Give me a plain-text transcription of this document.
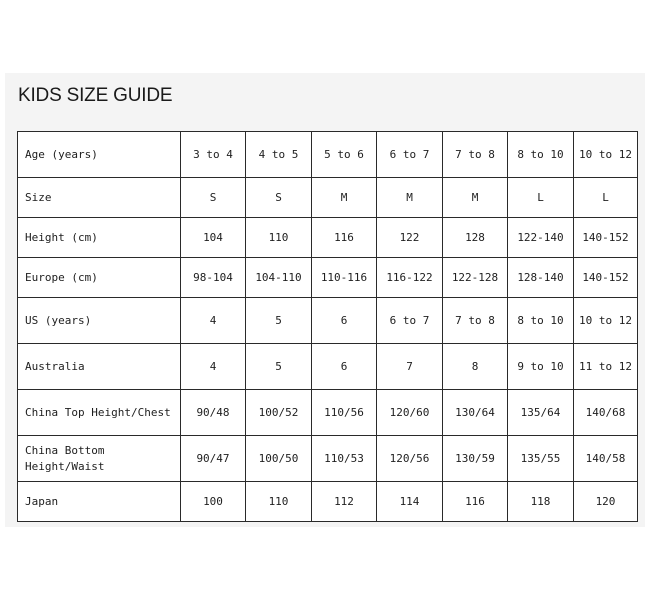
KIDS SIZE GUIDE
Age (years)	3 to 4	4 to 5	5 to 6	6 to 7	7 to 8	8 to 10	10 to 12
Size	S	S	M	M	M	L	L
Height (cm)	104	110	116	122	128	122-140	140-152
Europe (cm)	98-104	104-110	110-116	116-122	122-128	128-140	140-152
US (years)	4	5	6	6 to 7	7 to 8	8 to 10	10 to 12
Australia	4	5	6	7	8	9 to 10	11 to 12
China Top Height/Chest	90/48	100/52	110/56	120/60	130/64	135/64	140/68
China Bottom Height/Waist	90/47	100/50	110/53	120/56	130/59	135/55	140/58
Japan	100	110	112	114	116	118	120
